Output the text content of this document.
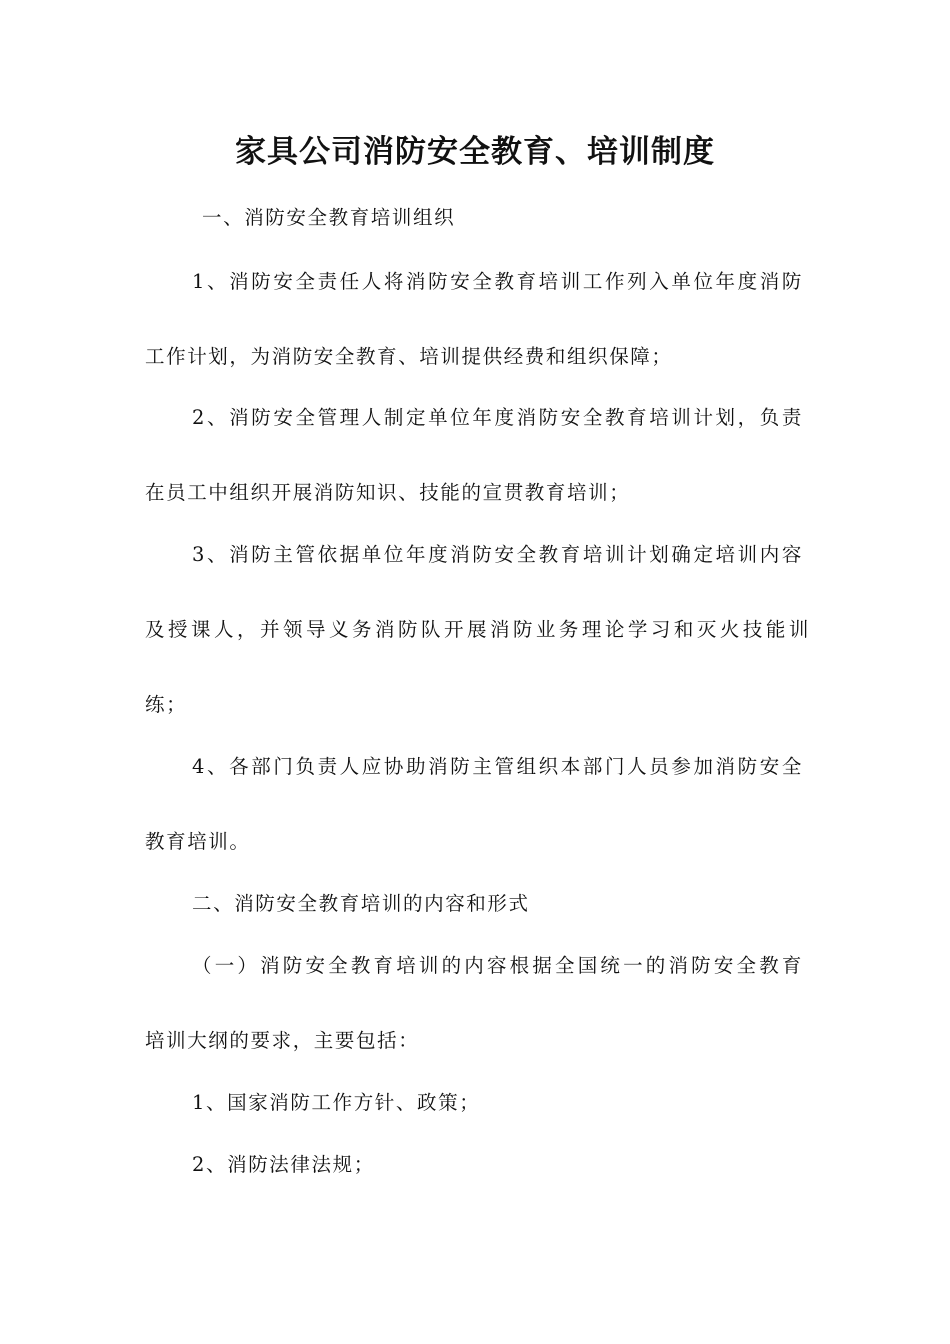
家具公司消防安全教育、培训制度
一、消防安全教育培训组织
1、消防安全责任人将消防安全教育培训工作列入单位年度消防
工作计划，为消防安全教育、培训提供经费和组织保障；
2、消防安全管理人制定单位年度消防安全教育培训计划，负责
在员工中组织开展消防知识、技能的宣贯教育培训；
3、消防主管依据单位年度消防安全教育培训计划确定培训内容
及授课人，并领导义务消防队开展消防业务理论学习和灭火技能训
练；
4、各部门负责人应协助消防主管组织本部门人员参加消防安全
教育培训。
二、消防安全教育培训的内容和形式
（一）消防安全教育培训的内容根据全国统一的消防安全教育
培训大纲的要求，主要包括：
1、国家消防工作方针、政策；
2、消防法律法规；
